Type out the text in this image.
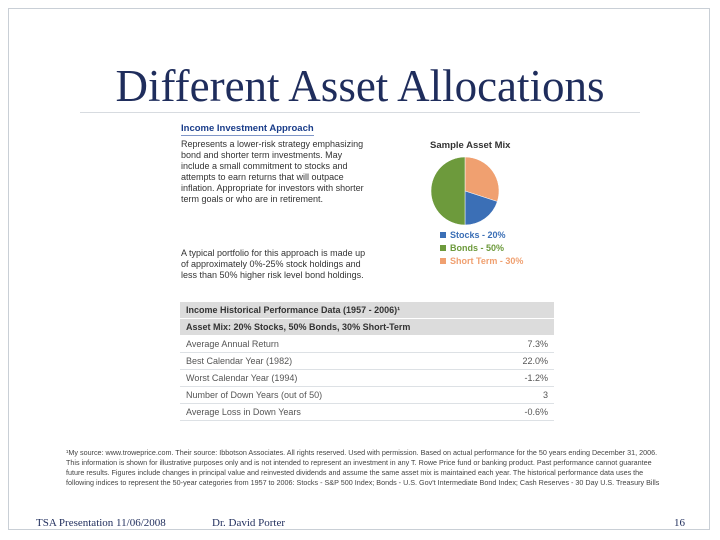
Different Asset Allocations

Income Investment Approach

Represents a lower-risk strategy emphasizing bond and shorter term investments. May include a small commitment to stocks and attempts to earn returns that will outpace inflation. Appropriate for investors with shorter term goals or who are in retirement.

A typical portfolio for this approach is made up of approximately 0%-25% stock holdings and less than 50% higher risk level bond holdings.

Sample Asset Mix

Stocks - 20%
Bonds - 50%
Short Term - 30%
Income Historical Performance Data (1957 - 2006)¹	
Asset Mix: 20% Stocks, 50% Bonds, 30% Short-Term	
Average Annual Return	7.3%
Best Calendar Year (1982)	22.0%
Worst Calendar Year (1994)	-1.2%
Number of Down Years (out of 50)	3
Average Loss in Down Years	-0.6%

¹My source: www.troweprice.com. Their source: Ibbotson Associates. All rights reserved. Used with permission. Based on actual performance for the 50 years ending December 31, 2006. This information is shown for illustrative purposes only and is not intended to represent an investment in any T. Rowe Price fund or banking product. Past performance cannot guarantee future results. Figures include changes in principal value and reinvested dividends and assume the same asset mix is maintained each year. The historical performance data uses the following indices to represent the 50-year categories from 1957 to 2006: Stocks - S&P 500 Index; Bonds - U.S. Gov't Intermediate Bond Index; Cash Reserves - 30 Day U.S. Treasury Bills

TSA Presentation 11/06/2008	Dr. David Porter	16
